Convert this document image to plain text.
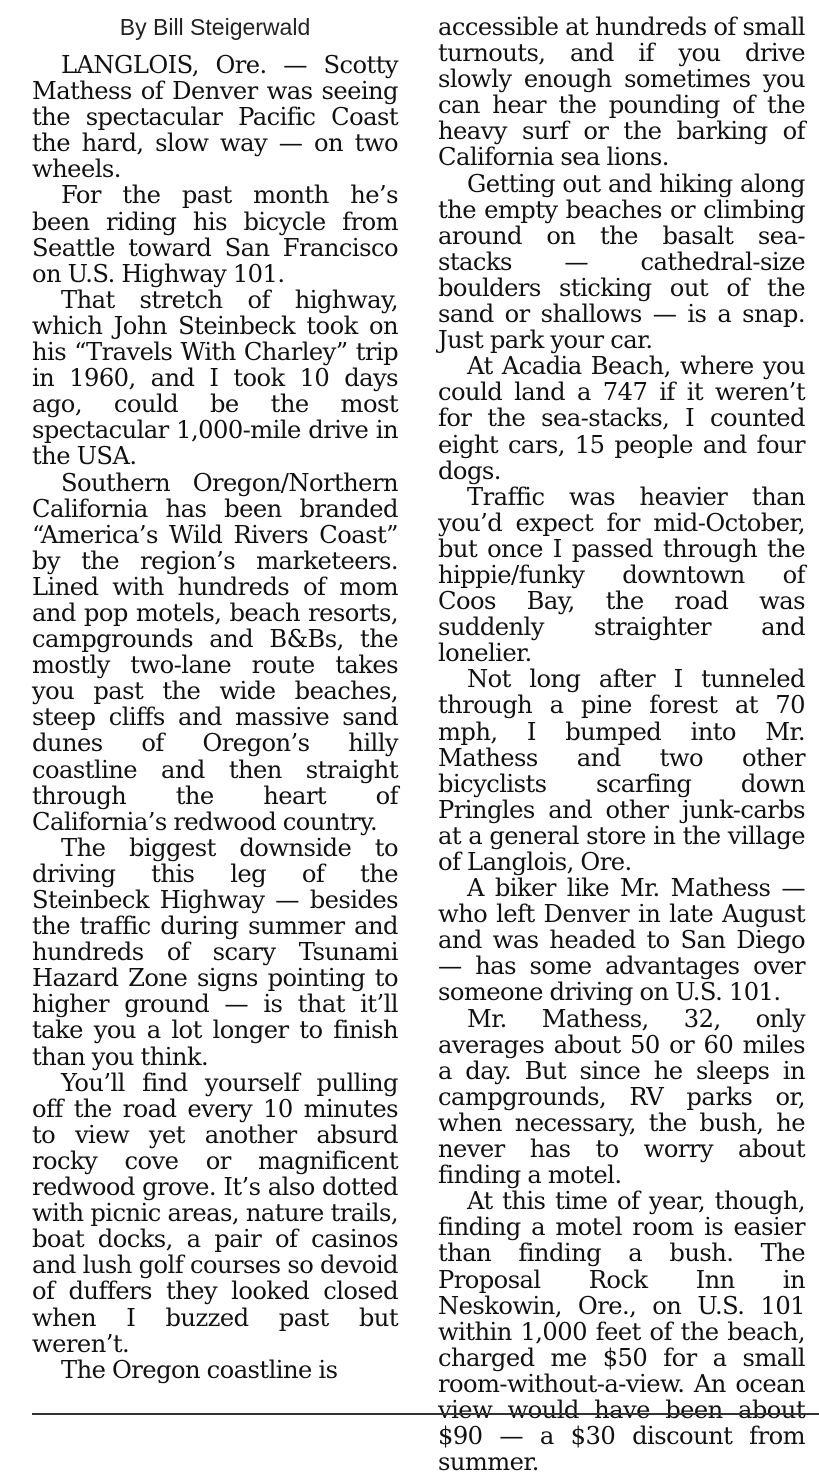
By Bill Steigerwald

LANGLOIS, Ore. — Scotty Mathess of Denver was seeing the spectacular Pacific Coast the hard, slow way — on two wheels.

For the past month he’s been riding his bicycle from Seattle toward San Francisco on U.S. Highway 101.

That stretch of highway, which John Steinbeck took on his “Travels With Charley” trip in 1960, and I took 10 days ago, could be the most spectacular 1,000-mile drive in the USA.

Southern Oregon/Northern California has been branded “America’s Wild Rivers Coast” by the region’s marketeers. Lined with hundreds of mom and pop motels, beach resorts, campgrounds and B&Bs, the mostly two-lane route takes you past the wide beaches, steep cliffs and massive sand dunes of Oregon’s hilly coastline and then straight through the heart of California’s redwood country.

The biggest downside to driving this leg of the Steinbeck Highway — besides the traffic during summer and hundreds of scary Tsunami Hazard Zone signs pointing to higher ground — is that it’ll take you a lot longer to finish than you think.

You’ll find yourself pulling off the road every 10 minutes to view yet another absurd rocky cove or magnificent redwood grove. It’s also dotted with picnic areas, nature trails, boat docks, a pair of casinos and lush golf courses so devoid of duffers they looked closed when I buzzed past but weren’t.

The Oregon coastline is

accessible at hundreds of small turnouts, and if you drive slowly enough sometimes you can hear the pounding of the heavy surf or the barking of California sea lions.

Getting out and hiking along the empty beaches or climbing around on the basalt sea-stacks — cathedral-size boulders sticking out of the sand or shallows — is a snap. Just park your car.

At Acadia Beach, where you could land a 747 if it weren’t for the sea-stacks, I counted eight cars, 15 people and four dogs.

Traffic was heavier than you’d expect for mid-October, but once I passed through the hippie/funky downtown of Coos Bay, the road was suddenly straighter and lonelier.

Not long after I tunneled through a pine forest at 70 mph, I bumped into Mr. Mathess and two other bicyclists scarfing down Pringles and other junk-carbs at a general store in the village of Langlois, Ore.

A biker like Mr. Mathess — who left Denver in late August and was headed to San Diego — has some advantages over someone driving on U.S. 101.

Mr. Mathess, 32, only averages about 50 or 60 miles a day. But since he sleeps in campgrounds, RV parks or, when necessary, the bush, he never has to worry about finding a motel.

At this time of year, though, finding a motel room is easier than finding a bush. The Proposal Rock Inn in Neskowin, Ore., on U.S. 101 within 1,000 feet of the beach, charged me $50 for a small room-without-a-view. An ocean view would have been about $90 — a $30 discount from summer.
